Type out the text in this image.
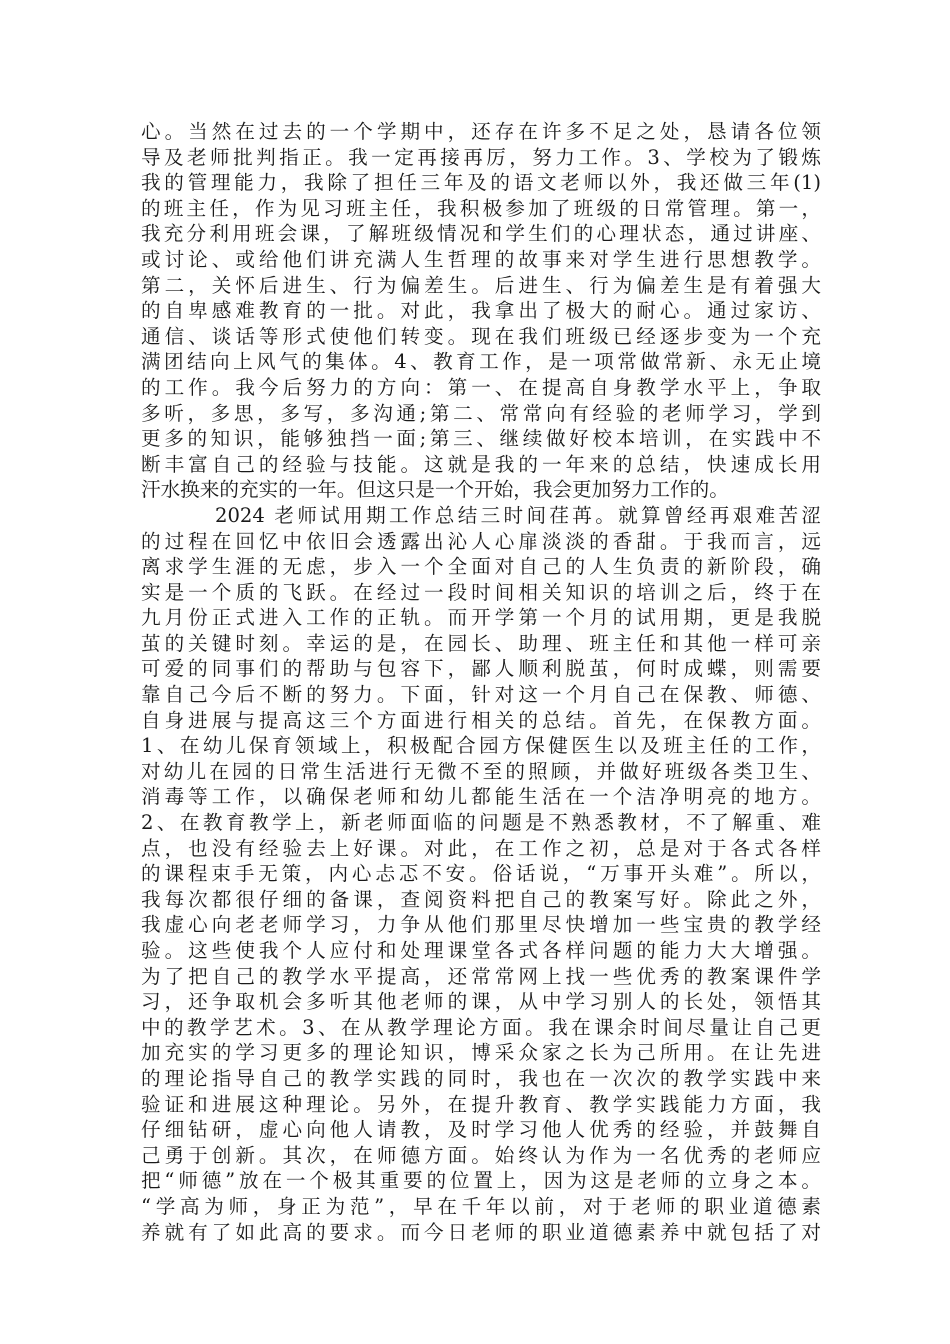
心。当然在过去的一个学期中，还存在许多不足之处，恳请各位领
导及老师批判指正。我一定再接再厉，努力工作。3、学校为了锻炼
我的管理能力，我除了担任三年及的语文老师以外，我还做三年(1)
的班主任，作为见习班主任，我积极参加了班级的日常管理。第一，
我充分利用班会课，了解班级情况和学生们的心理状态，通过讲座、
或讨论、或给他们讲充满人生哲理的故事来对学生进行思想教学。
第二，关怀后进生、行为偏差生。后进生、行为偏差生是有着强大
的自卑感难教育的一批。对此，我拿出了极大的耐心。通过家访、
通信、谈话等形式使他们转变。现在我们班级已经逐步变为一个充
满团结向上风气的集体。4、教育工作，是一项常做常新、永无止境
的工作。我今后努力的方向：第一、在提高自身教学水平上，争取
多听，多思，多写，多沟通;第二、常常向有经验的老师学习，学到
更多的知识，能够独挡一面;第三、继续做好校本培训，在实践中不
断丰富自己的经验与技能。这就是我的一年来的总结，快速成长用
汗水换来的充实的一年。但这只是一个开始，我会更加努力工作的。
2024 老师试用期工作总结三时间荏苒。就算曾经再艰难苦涩
的过程在回忆中依旧会透露出沁人心扉淡淡的香甜。于我而言，远
离求学生涯的无虑，步入一个全面对自己的人生负责的新阶段，确
实是一个质的飞跃。在经过一段时间相关知识的培训之后，终于在
九月份正式进入工作的正轨。而开学第一个月的试用期，更是我脱
茧的关键时刻。幸运的是，在园长、助理、班主任和其他一样可亲
可爱的同事们的帮助与包容下，鄙人顺利脱茧，何时成蝶，则需要
靠自己今后不断的努力。下面，针对这一个月自己在保教、师德、
自身进展与提高这三个方面进行相关的总结。首先，在保教方面。
1、在幼儿保育领域上，积极配合园方保健医生以及班主任的工作，
对幼儿在园的日常生活进行无微不至的照顾，并做好班级各类卫生、
消毒等工作，以确保老师和幼儿都能生活在一个洁净明亮的地方。
2、在教育教学上，新老师面临的问题是不熟悉教材，不了解重、难
点，也没有经验去上好课。对此，在工作之初，总是对于各式各样
的课程束手无策，内心忐忑不安。俗话说，“万事开头难”。所以，
我每次都很仔细的备课，查阅资料把自己的教案写好。除此之外，
我虚心向老老师学习，力争从他们那里尽快增加一些宝贵的教学经
验。这些使我个人应付和处理课堂各式各样问题的能力大大增强。
为了把自己的教学水平提高，还常常网上找一些优秀的教案课件学
习，还争取机会多听其他老师的课，从中学习别人的长处，领悟其
中的教学艺术。3、在从教学理论方面。我在课余时间尽量让自己更
加充实的学习更多的理论知识，博采众家之长为己所用。在让先进
的理论指导自己的教学实践的同时，我也在一次次的教学实践中来
验证和进展这种理论。另外，在提升教育、教学实践能力方面，我
仔细钻研，虚心向他人请教，及时学习他人优秀的经验，并鼓舞自
己勇于创新。其次，在师德方面。始终认为作为一名优秀的老师应
把“师德”放在一个极其重要的位置上，因为这是老师的立身之本。
“学高为师，身正为范”，早在千年以前，对于老师的职业道德素
养就有了如此高的要求。而今日老师的职业道德素养中就包括了对
